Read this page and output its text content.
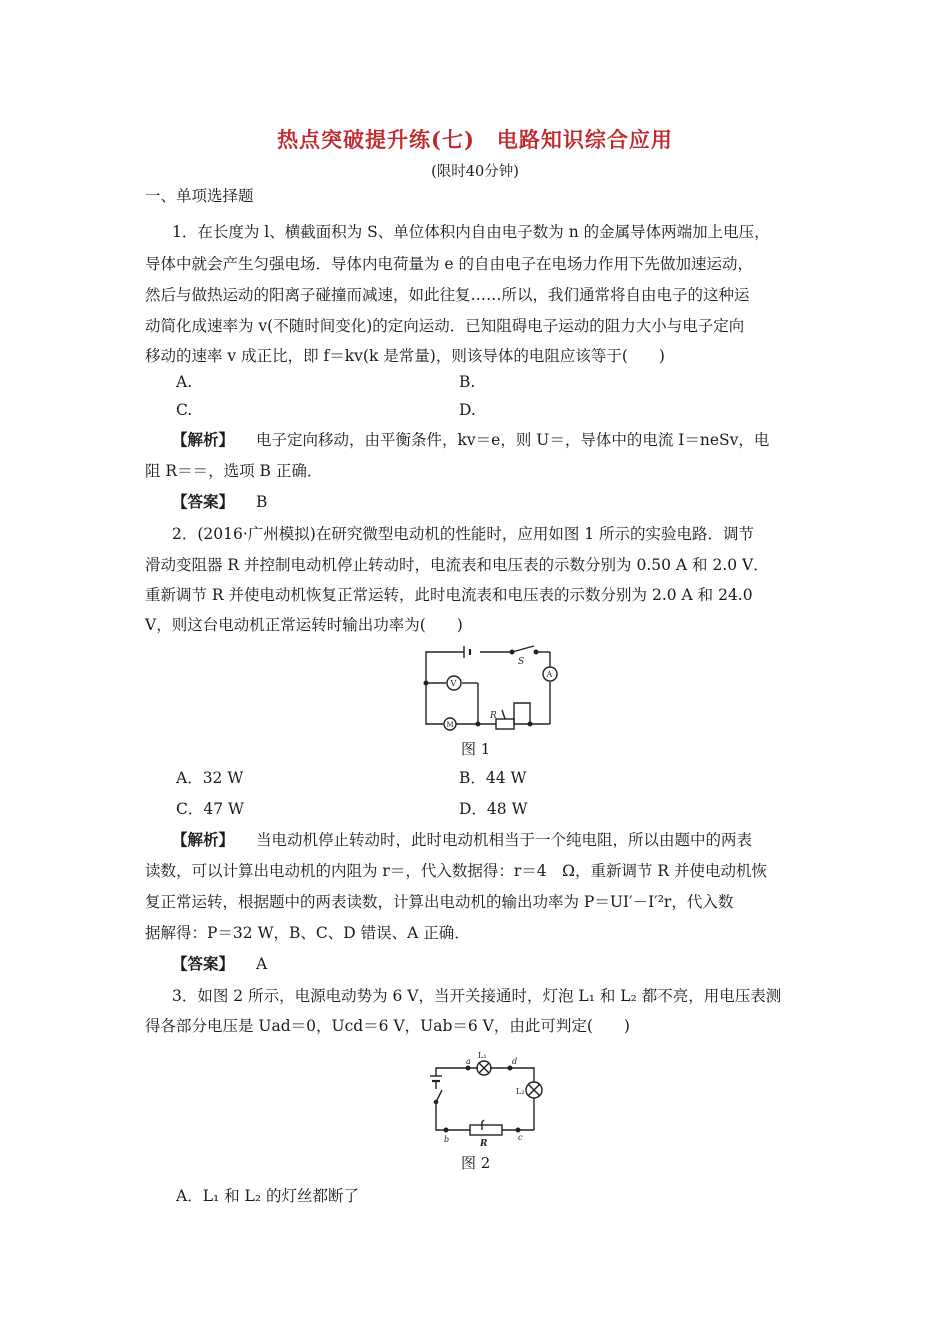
热点突破提升练(七)　电路知识综合应用
(限时40分钟)
一、单项选择题
1．在长度为 l、横截面积为 S、单位体积内自由电子数为 n 的金属导体两端加上电压，
导体中就会产生匀强电场．导体内电荷量为 e 的自由电子在电场力作用下先做加速运动，
然后与做热运动的阳离子碰撞而减速，如此往复……所以，我们通常将自由电子的这种运
动简化成速率为 v(不随时间变化)的定向运动．已知阻碍电子运动的阻力大小与电子定向
移动的速率 v 成正比，即 f＝kv(k 是常量)，则该导体的电阻应该等于(　　)
A.	B.
C.	D.
【解析】 电子定向移动，由平衡条件，kv＝e，则 U＝，导体中的电流 I＝neSv，电
阻 R＝＝，选项 B 正确．
【答案】 B
2．(2016·广州模拟)在研究微型电动机的性能时，应用如图 1 所示的实验电路．调节
滑动变阻器 R 并控制电动机停止转动时，电流表和电压表的示数分别为 0.50 A 和 2.0 V．
重新调节 R 并使电动机恢复正常运转，此时电流表和电压表的示数分别为 2.0 A 和 24.0
V，则这台电动机正常运转时输出功率为(　　)
S
A
V
M
R
图 1
A．32 W	B．44 W
C．47 W	D．48 W
【解析】 当电动机停止转动时，此时电动机相当于一个纯电阻，所以由题中的两表
读数，可以计算出电动机的内阻为 r＝，代入数据得：r＝4　Ω，重新调节 R 并使电动机恢
复正常运转，根据题中的两表读数，计算出电动机的输出功率为 P＝UI′－I′²r，代入数
据解得：P＝32 W，B、C、D 错误、A 正确．
【答案】 A
3．如图 2 所示，电源电动势为 6 V，当开关接通时，灯泡 L₁ 和 L₂ 都不亮，用电压表测
得各部分电压是 Uad＝0，Ucd＝6 V，Uab＝6 V，由此可判定(　　)
L₁
L₂
a	d
b	c
R
图 2
A．L₁ 和 L₂ 的灯丝都断了
